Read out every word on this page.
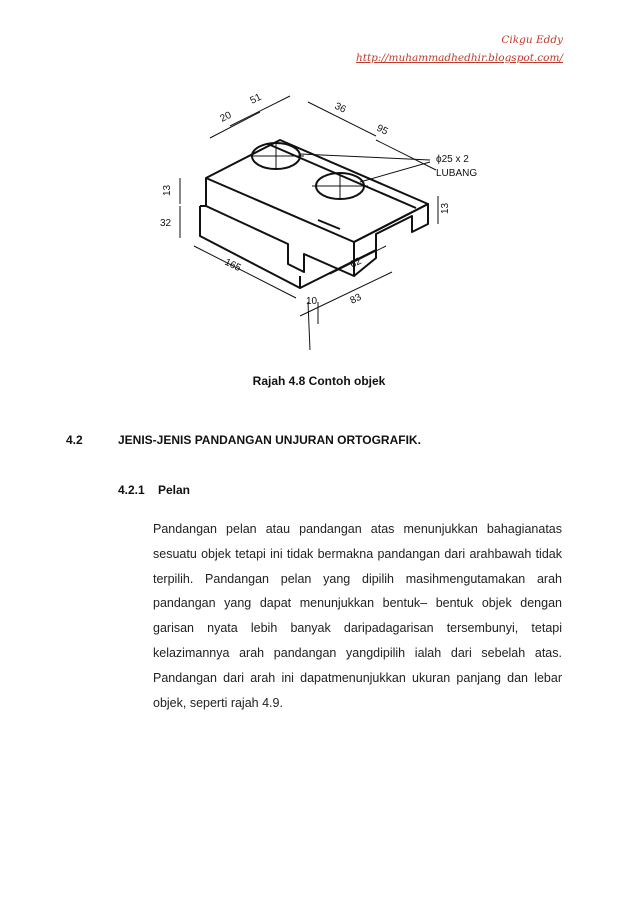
Cikgu Eddy
http://muhammadhedhir.blogspot.com/
20
51
36
95
13
32
165	62
10	83
13
ϕ25 x 2
LUBANG
Rajah 4.8 Contoh objek
4.2	JENIS-JENIS PANDANGAN UNJURAN ORTOGRAFIK.
4.2.1 Pelan

Pandangan pelan atau pandangan atas menunjukkan bahagianatas sesuatu objek tetapi ini tidak bermakna pandangan dari arahbawah tidak terpilih. Pandangan pelan yang dipilih masihmengutamakan arah pandangan yang dapat menunjukkan bentuk– bentuk objek dengan garisan nyata lebih banyak daripadagarisan tersembunyi, tetapi kelazimannya arah pandangan yangdipilih ialah dari sebelah atas. Pandangan dari arah ini dapatmenunjukkan ukuran panjang dan lebar objek, seperti rajah 4.9.
